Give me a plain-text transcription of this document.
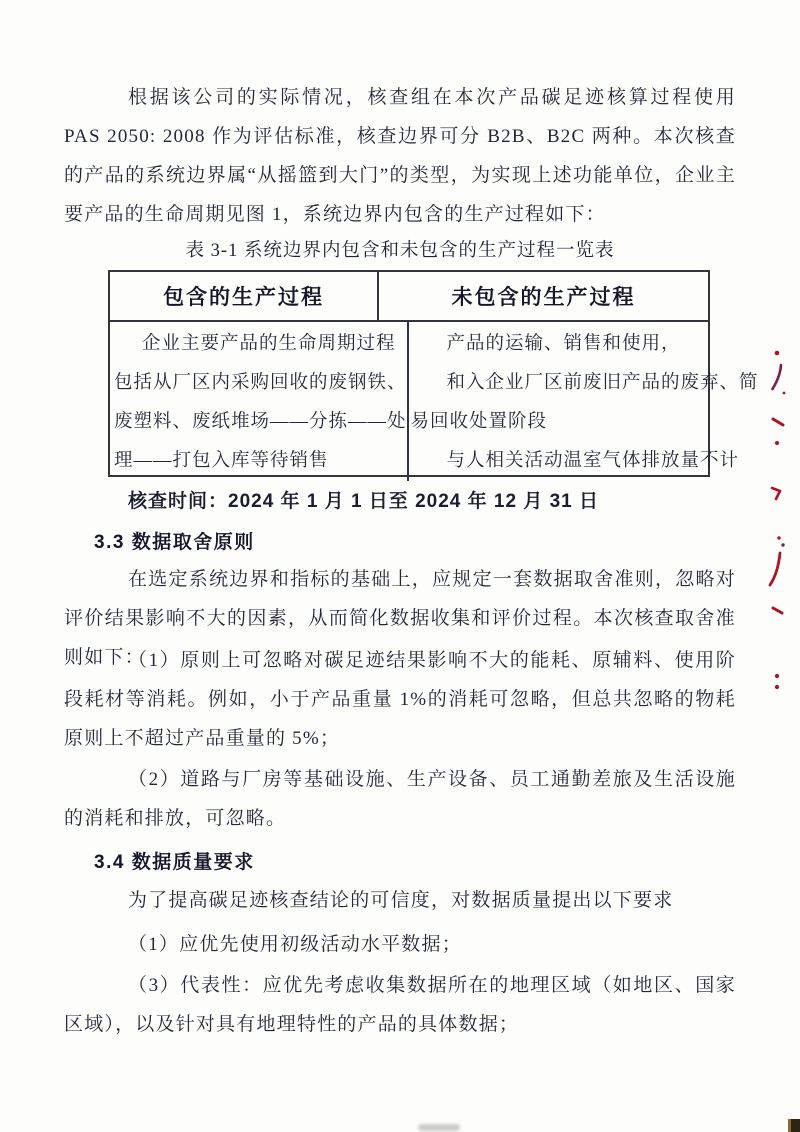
根据该公司的实际情况，核查组在本次产品碳足迹核算过程使用 PAS 2050: 2008 作为评估标准，核查边界可分 B2B、B2C 两种。本次核查的产品的系统边界属“从摇篮到大门”的类型，为实现上述功能单位，企业主要产品的生命周期见图 1，系统边界内包含的生产过程如下：
表 3-1 系统边界内包含和未包含的生产过程一览表
包含的生产过程	未包含的生产过程
企业主要产品的生命周期过程
包括从厂区内采购回收的废钢铁、
废塑料、废纸堆场——分拣——处
理——打包入库等待销售
产品的运输、销售和使用，
和入企业厂区前废旧产品的废弃、简
易回收处置阶段
与人相关活动温室气体排放量不计
核查时间：2024 年 1 月 1 日至 2024 年 12 月 31 日
3.3 数据取舍原则
在选定系统边界和指标的基础上，应规定一套数据取舍准则，忽略对评价结果影响不大的因素，从而简化数据收集和评价过程。本次核查取舍准则如下：
（1）原则上可忽略对碳足迹结果影响不大的能耗、原辅料、使用阶段耗材等消耗。例如，小于产品重量 1%的消耗可忽略，但总共忽略的物耗原则上不超过产品重量的 5%；
（2）道路与厂房等基础设施、生产设备、员工通勤差旅及生活设施的消耗和排放，可忽略。
3.4 数据质量要求
为了提高碳足迹核查结论的可信度，对数据质量提出以下要求
（1）应优先使用初级活动水平数据；
（3）代表性：应优先考虑收集数据所在的地理区域（如地区、国家区域），以及针对具有地理特性的产品的具体数据；
